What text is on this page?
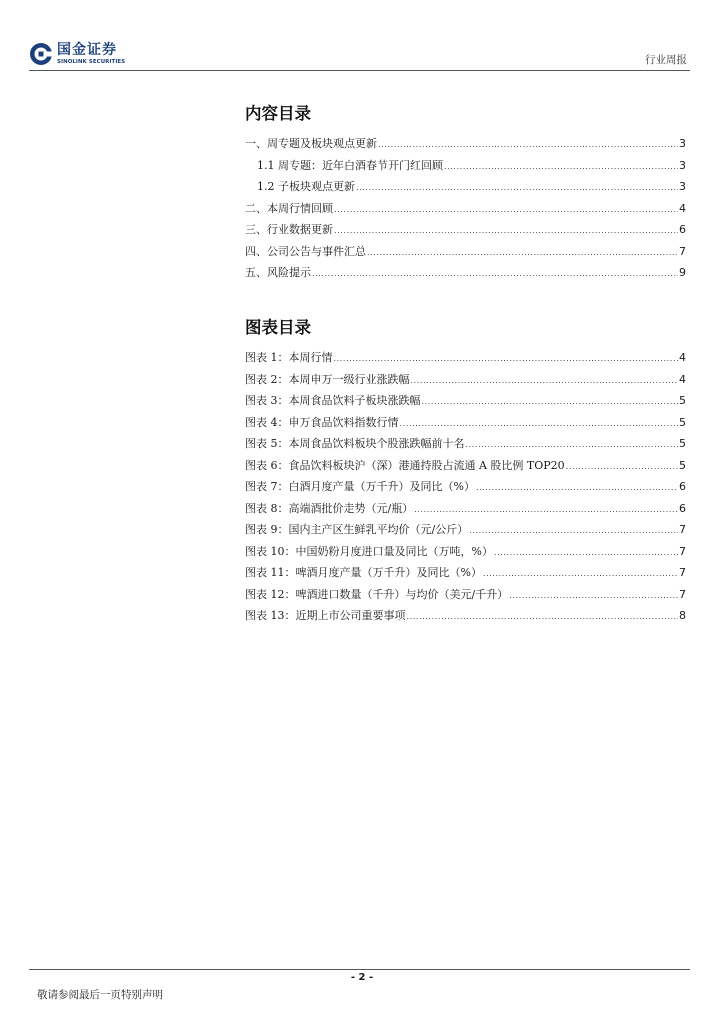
国金证券
SINOLINK SECURITIES	行业周报
内容目录
一、周专题及板块观点更新 .....	3
1.1 周专题：近年白酒春节开门红回顾 .....	3
1.2 子板块观点更新 .....	3
二、本周行情回顾 .....	4
三、行业数据更新 .....	6
四、公司公告与事件汇总 .....	7
五、风险提示 .....	9
图表目录
图表 1：本周行情 .....	4
图表 2：本周申万一级行业涨跌幅 .....	4
图表 3：本周食品饮料子板块涨跌幅 .....	5
图表 4：申万食品饮料指数行情 .....	5
图表 5：本周食品饮料板块个股涨跌幅前十名 .....	5
图表 6：食品饮料板块沪（深）港通持股占流通 A 股比例 TOP20 .....	5
图表 7：白酒月度产量（万千升）及同比（%） .....	6
图表 8：高端酒批价走势（元/瓶） .....	6
图表 9：国内主产区生鲜乳平均价（元/公斤） .....	7
图表 10：中国奶粉月度进口量及同比（万吨，%） .....	7
图表 11：啤酒月度产量（万千升）及同比（%） .....	7
图表 12：啤酒进口数量（千升）与均价（美元/千升） .....	7
图表 13：近期上市公司重要事项 .....	8
- 2 -
敬请参阅最后一页特别声明
